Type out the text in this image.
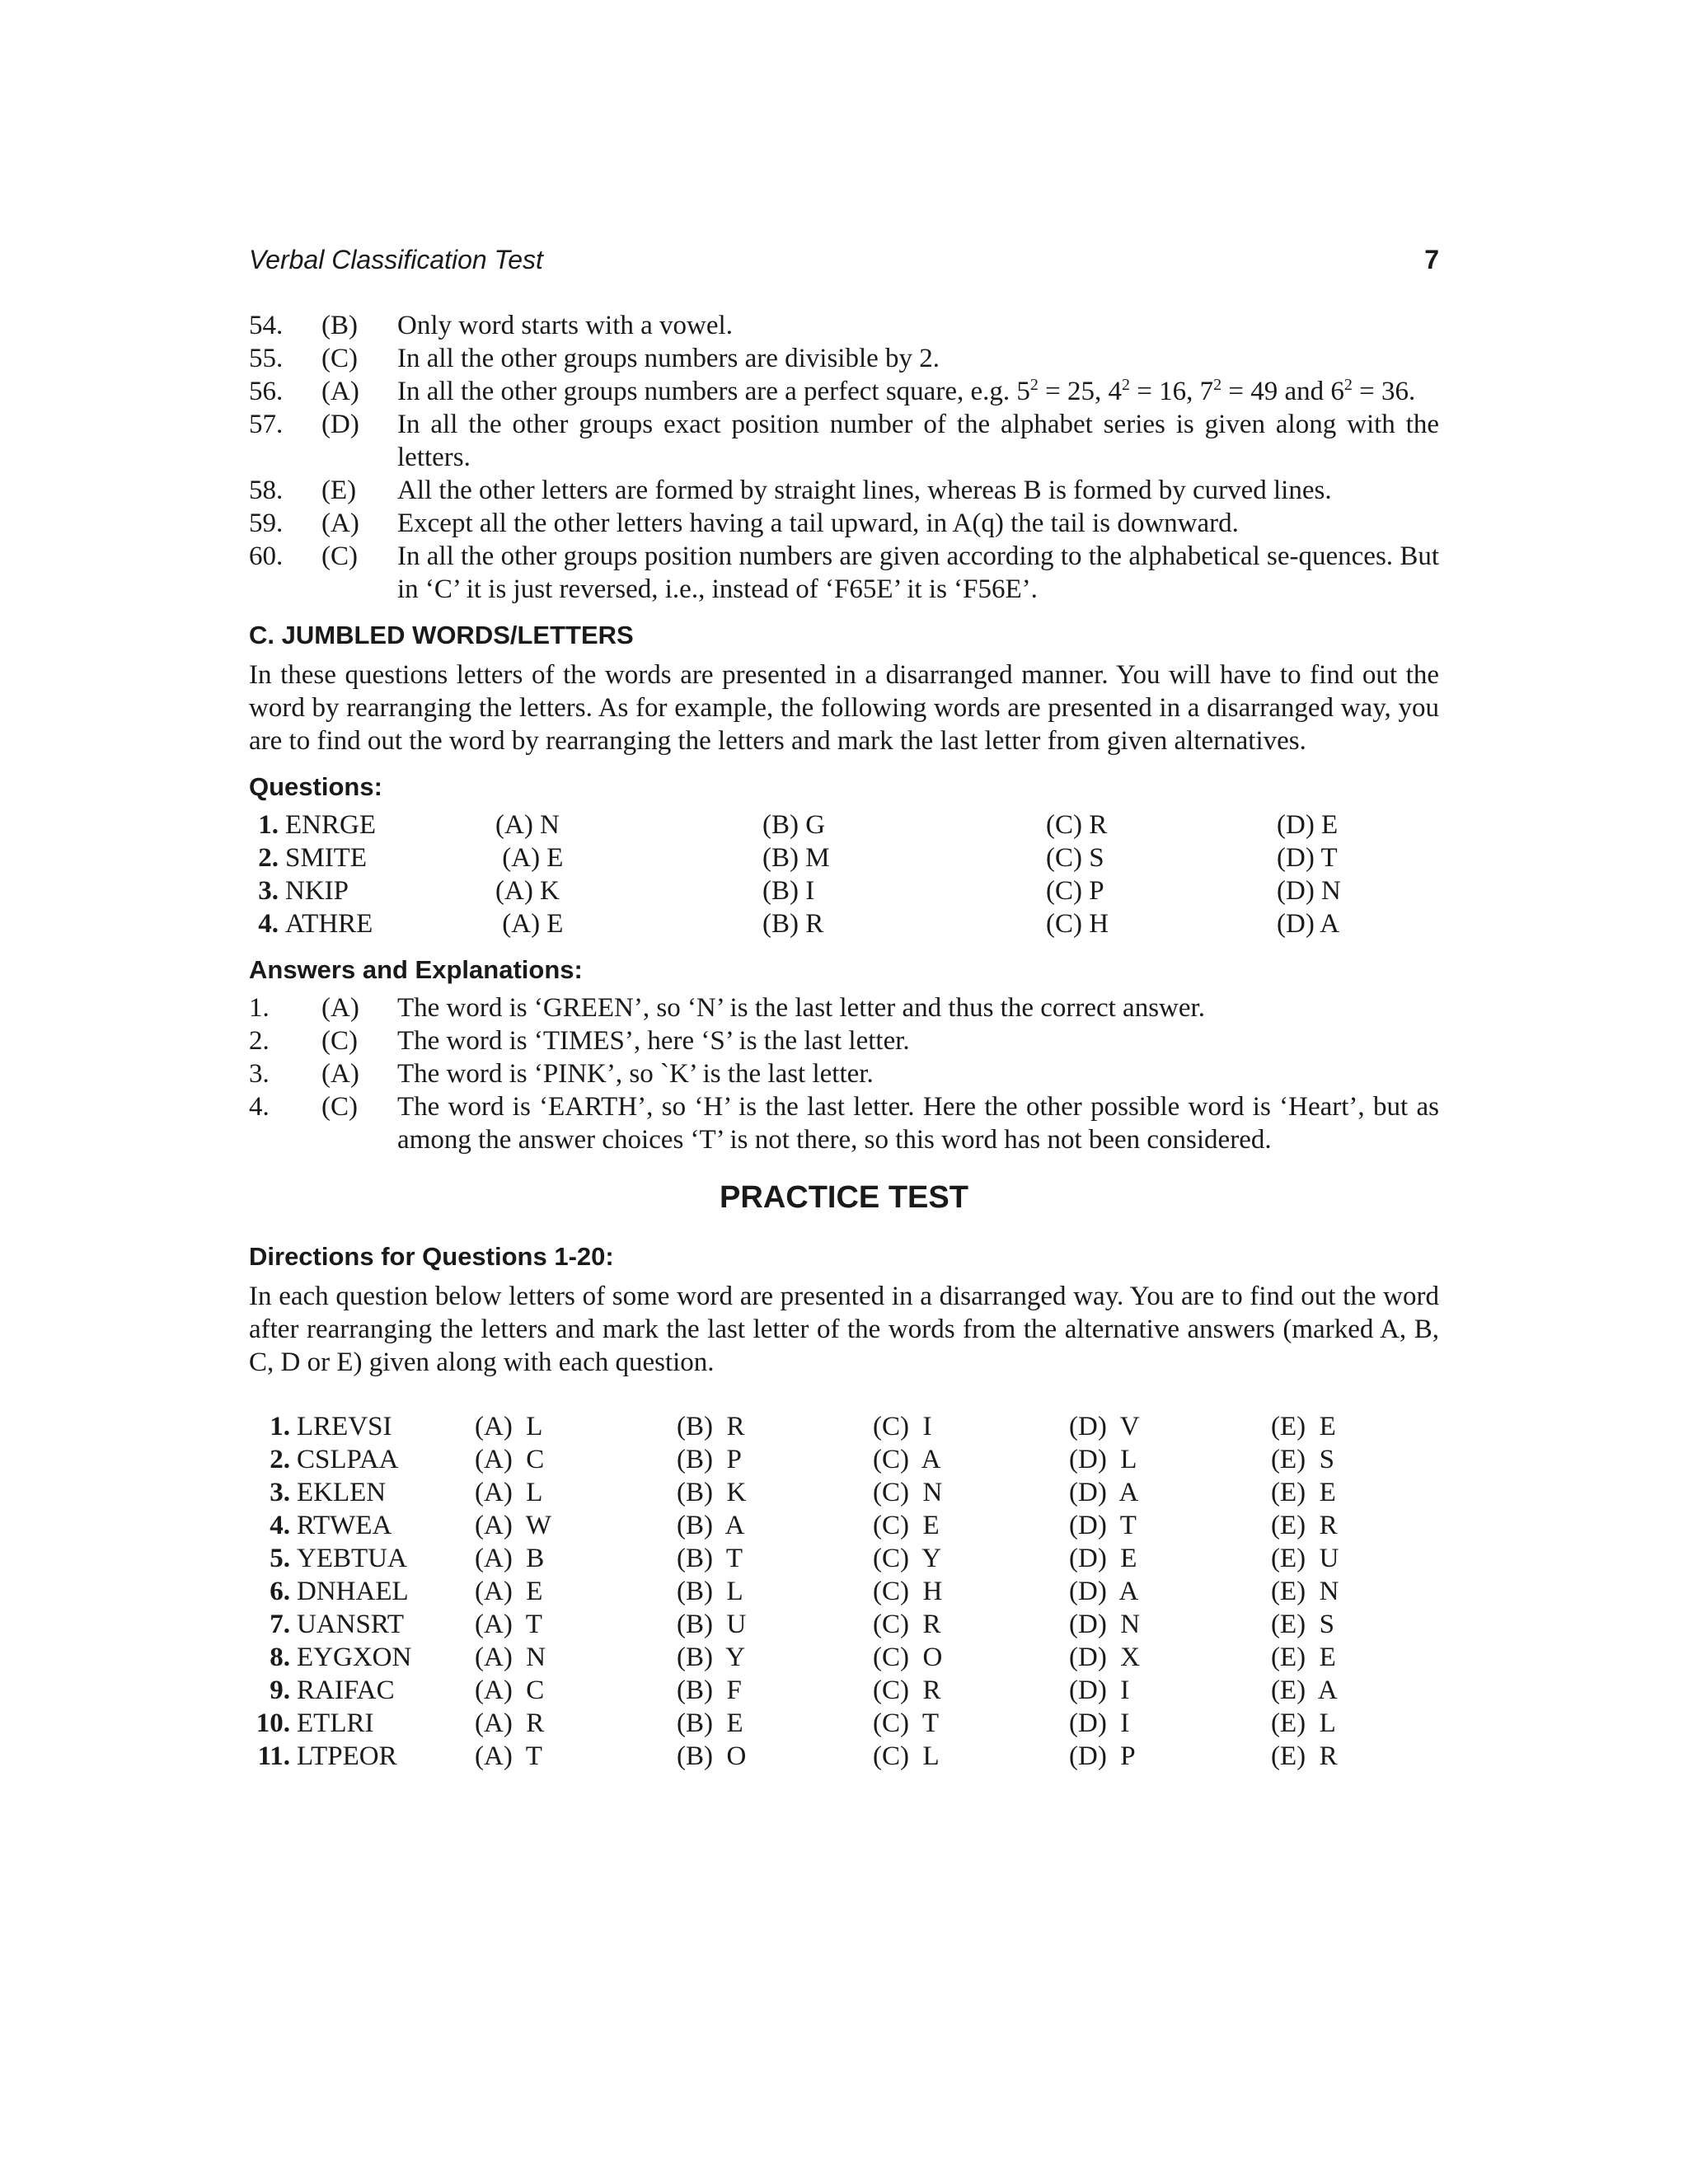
Verbal Classification Test	7
54.	(B)	Only word starts with a vowel.
55.	(C)	In all the other groups numbers are divisible by 2.
56.	(A)	In all the other groups numbers are a perfect square, e.g. $5^2 = 25$, $4^2 = 16$, $7^2 = 49$ and $6^2 = 36$.
57.	(D)	In all the other groups exact position number of the alphabet series is given along with the letters.
58.	(E)	All the other letters are formed by straight lines, whereas B is formed by curved lines.
59.	(A)	Except all the other letters having a tail upward, in A(q) the tail is downward.
60.	(C)	In all the other groups position numbers are given according to the alphabetical se-quences. But in ‘C’ it is just reversed, i.e., instead of ‘F65E’ it is ‘F56E’.
C. JUMBLED WORDS/LETTERS

In these questions letters of the words are presented in a disarranged manner. You will have to find out the word by rearranging the letters. As for example, the following words are presented in a disarranged way, you are to find out the word by rearranging the letters and mark the last letter from given alternatives.

Questions:
1. ENRGE	(A) N	(B) G	(C) R	(D) E
2. SMITE	(A) E	(B) M	(C) S	(D) T
3. NKIP	(A) K	(B) I	(C) P	(D) N
4. ATHRE	(A) E	(B) R	(C) H	(D) A
Answers and Explanations:
1.	(A)	The word is ‘GREEN’, so ‘N’ is the last letter and thus the correct answer.
2.	(C)	The word is ‘TIMES’, here ‘S’ is the last letter.
3.	(A)	The word is ‘PINK’, so `K’ is the last letter.
4.	(C)	The word is ‘EARTH’, so ‘H’ is the last letter. Here the other possible word is ‘Heart’, but as among the answer choices ‘T’ is not there, so this word has not been considered.
PRACTICE TEST
Directions for Questions 1-20:

In each question below letters of some word are presented in a disarranged way. You are to find out the word after rearranging the letters and mark the last letter of the words from the alternative answers (marked A, B, C, D or E) given along with each question.

1. LREVSI	(A)  L	(B)  R	(C)  I	(D)  V	(E)  E
2. CSLPAA	(A)  C	(B)  P	(C)  A	(D)  L	(E)  S
3. EKLEN	(A)  L	(B)  K	(C)  N	(D)  A	(E)  E
4. RTWEA	(A)  W	(B)  A	(C)  E	(D)  T	(E)  R
5. YEBTUA	(A)  B	(B)  T	(C)  Y	(D)  E	(E)  U
6. DNHAEL	(A)  E	(B)  L	(C)  H	(D)  A	(E)  N
7. UANSRT	(A)  T	(B)  U	(C)  R	(D)  N	(E)  S
8. EYGXON	(A)  N	(B)  Y	(C)  O	(D)  X	(E)  E
9. RAIFAC	(A)  C	(B)  F	(C)  R	(D)  I	(E)  A
10. ETLRI	(A)  R	(B)  E	(C)  T	(D)  I	(E)  L
11. LTPEOR	(A)  T	(B)  O	(C)  L	(D)  P	(E)  R
